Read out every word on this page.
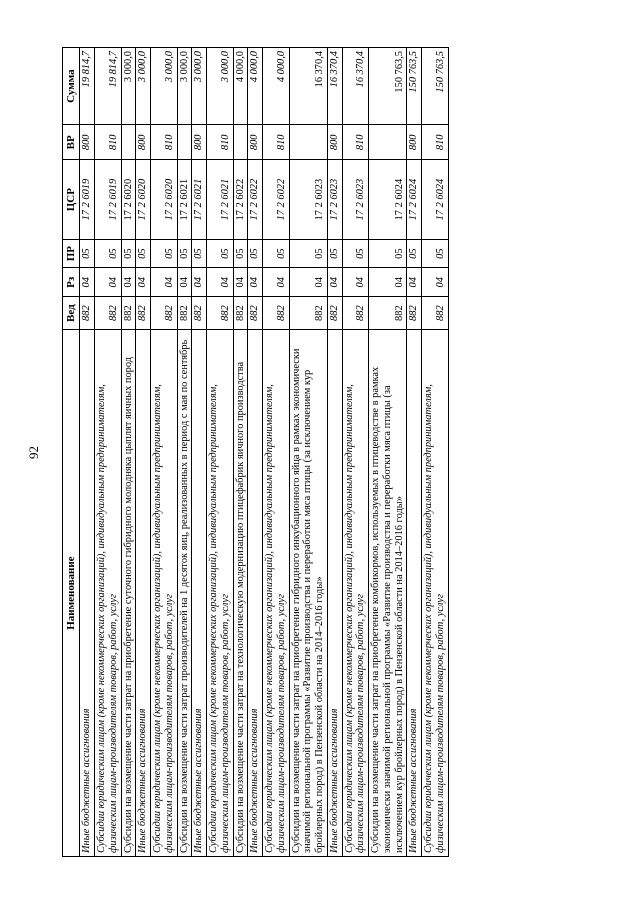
92
Наименование	Вед	Рз	ПР	ЦСР	ВР	Сумма
Иные бюджетные ассигнования	882	04	05	17 2 6019	800	19 814,7
Субсидии юридическим лицам (кроме некоммерческих организаций), индивидуальным предпринимателям, физическим лицам-производителям товаров, работ, услуг	882	04	05	17 2 6019	810	19 814,7
Субсидии на возмещение части затрат на приобретение суточного гибридного молодняка цыплят яичных пород	882	04	05	17 2 6020		3 000,0
Иные бюджетные ассигнования	882	04	05	17 2 6020	800	3 000,0
Субсидии юридическим лицам (кроме некоммерческих организаций), индивидуальным предпринимателям, физическим лицам-производителям товаров, работ, услуг	882	04	05	17 2 6020	810	3 000,0
Субсидии на возмещение части затрат производителей на 1 десяток яиц, реализованных в период с мая по сентябрь	882	04	05	17 2 6021		3 000,0
Иные бюджетные ассигнования	882	04	05	17 2 6021	800	3 000,0
Субсидии юридическим лицам (кроме некоммерческих организаций), индивидуальным предпринимателям, физическим лицам-производителям товаров, работ, услуг	882	04	05	17 2 6021	810	3 000,0
Субсидии на возмещение части затрат на технологическую модернизацию птицефабрик яичного производства	882	04	05	17 2 6022		4 000,0
Иные бюджетные ассигнования	882	04	05	17 2 6022	800	4 000,0
Субсидии юридическим лицам (кроме некоммерческих организаций), индивидуальным предпринимателям, физическим лицам-производителям товаров, работ, услуг	882	04	05	17 2 6022	810	4 000,0
Субсидии на возмещение части затрат на приобретение гибридного инкубационного яйца в рамках экономически значимой региональной программы «Развитие производства и переработки мяса птицы (за исключением кур бройлерных пород) в Пензенской области на 2014–2016 годы»	882	04	05	17 2 6023		16 370,4
Иные бюджетные ассигнования	882	04	05	17 2 6023	800	16 370,4
Субсидии юридическим лицам (кроме некоммерческих организаций), индивидуальным предпринимателям, физическим лицам-производителям товаров, работ, услуг	882	04	05	17 2 6023	810	16 370,4
Субсидии на возмещение части затрат на приобретение комбикормов, используемых в птицеводстве в рамках экономически значимой региональной программы «Развитие производства и переработки мяса птицы (за исключением кур бройлерных пород) в Пензенской области на 2014–2016 годы»	882	04	05	17 2 6024		150 763,5
Иные бюджетные ассигнования	882	04	05	17 2 6024	800	150 763,5
Субсидии юридическим лицам (кроме некоммерческих организаций), индивидуальным предпринимателям, физическим лицам-производителям товаров, работ, услуг	882	04	05	17 2 6024	810	150 763,5
